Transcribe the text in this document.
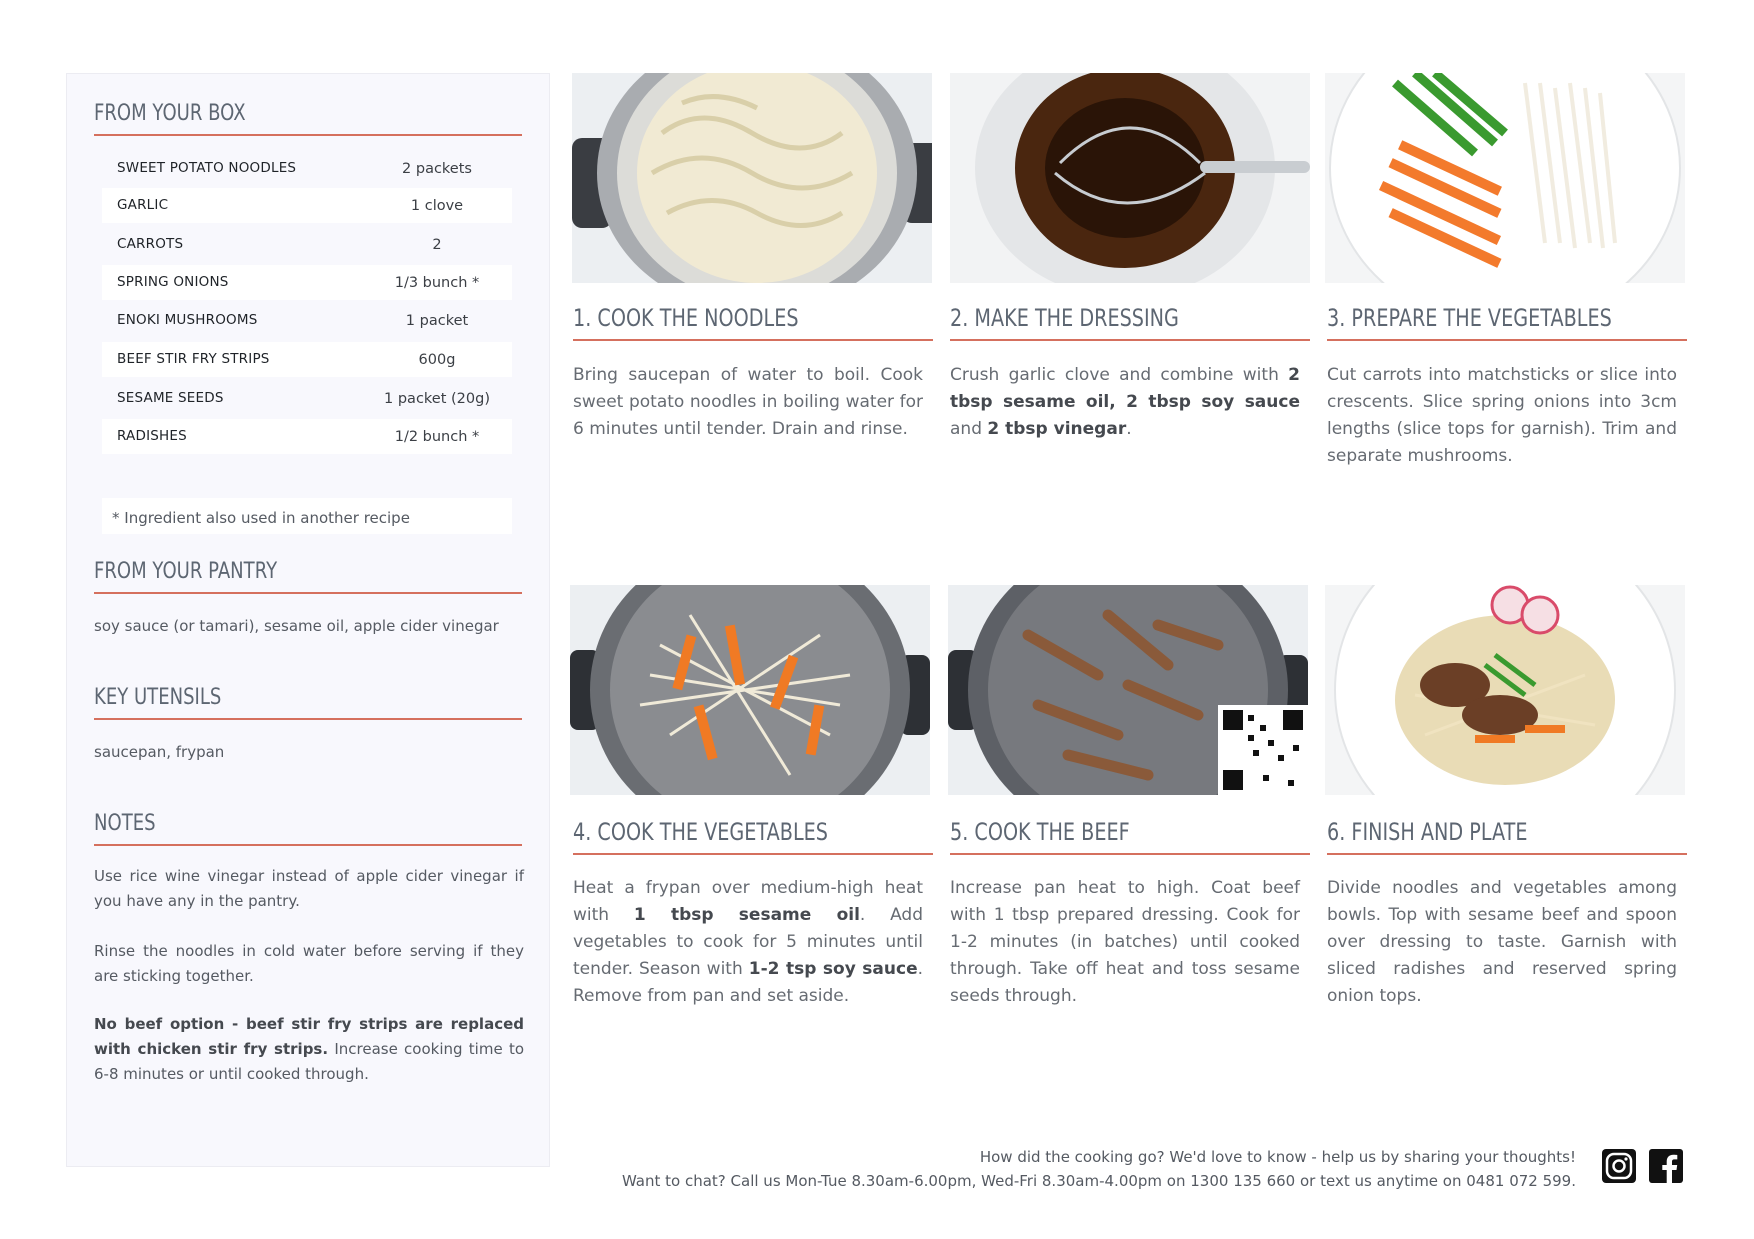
FROM YOUR BOX
SWEET POTATO NOODLES	2 packets
GARLIC	1 clove
CARROTS	2
SPRING ONIONS	1/3 bunch *
ENOKI MUSHROOMS	1 packet
BEEF STIR FRY STRIPS	600g
SESAME SEEDS	1 packet (20g)
RADISHES	1/2 bunch *
* Ingredient also used in another recipe
FROM YOUR PANTRY
soy sauce (or tamari), sesame oil, apple cider vinegar
KEY UTENSILS
saucepan, frypan
NOTES
Use rice wine vinegar instead of apple cider vinegar if you have any in the pantry.
Rinse the noodles in cold water before serving if they are sticking together.
No beef option - beef stir fry strips are replaced with chicken stir fry strips. Increase cooking time to 6-8 minutes or until cooked through.
1. COOK THE NOODLES
Bring saucepan of water to boil. Cook sweet potato noodles in boiling water for 6 minutes until tender. Drain and rinse.
2. MAKE THE DRESSING
Crush garlic clove and combine with 2 tbsp sesame oil, 2 tbsp soy sauce and 2 tbsp vinegar.
3. PREPARE THE VEGETABLES
Cut carrots into matchsticks or slice into crescents. Slice spring onions into 3cm lengths (slice tops for garnish). Trim and separate mushrooms.
4. COOK THE VEGETABLES
Heat a frypan over medium-high heat with 1 tbsp sesame oil. Add vegetables to cook for 5 minutes until tender. Season with 1-2 tsp soy sauce. Remove from pan and set aside.
5. COOK THE BEEF
Increase pan heat to high. Coat beef with 1 tbsp prepared dressing. Cook for 1-2 minutes (in batches) until cooked through. Take off heat and toss sesame seeds through.
6. FINISH AND PLATE
Divide noodles and vegetables among bowls. Top with sesame beef and spoon over dressing to taste. Garnish with sliced radishes and reserved spring onion tops.
How did the cooking go? We'd love to know - help us by sharing your thoughts!
Want to chat? Call us Mon-Tue 8.30am-6.00pm, Wed-Fri 8.30am-4.00pm on 1300 135 660 or text us anytime on 0481 072 599.
